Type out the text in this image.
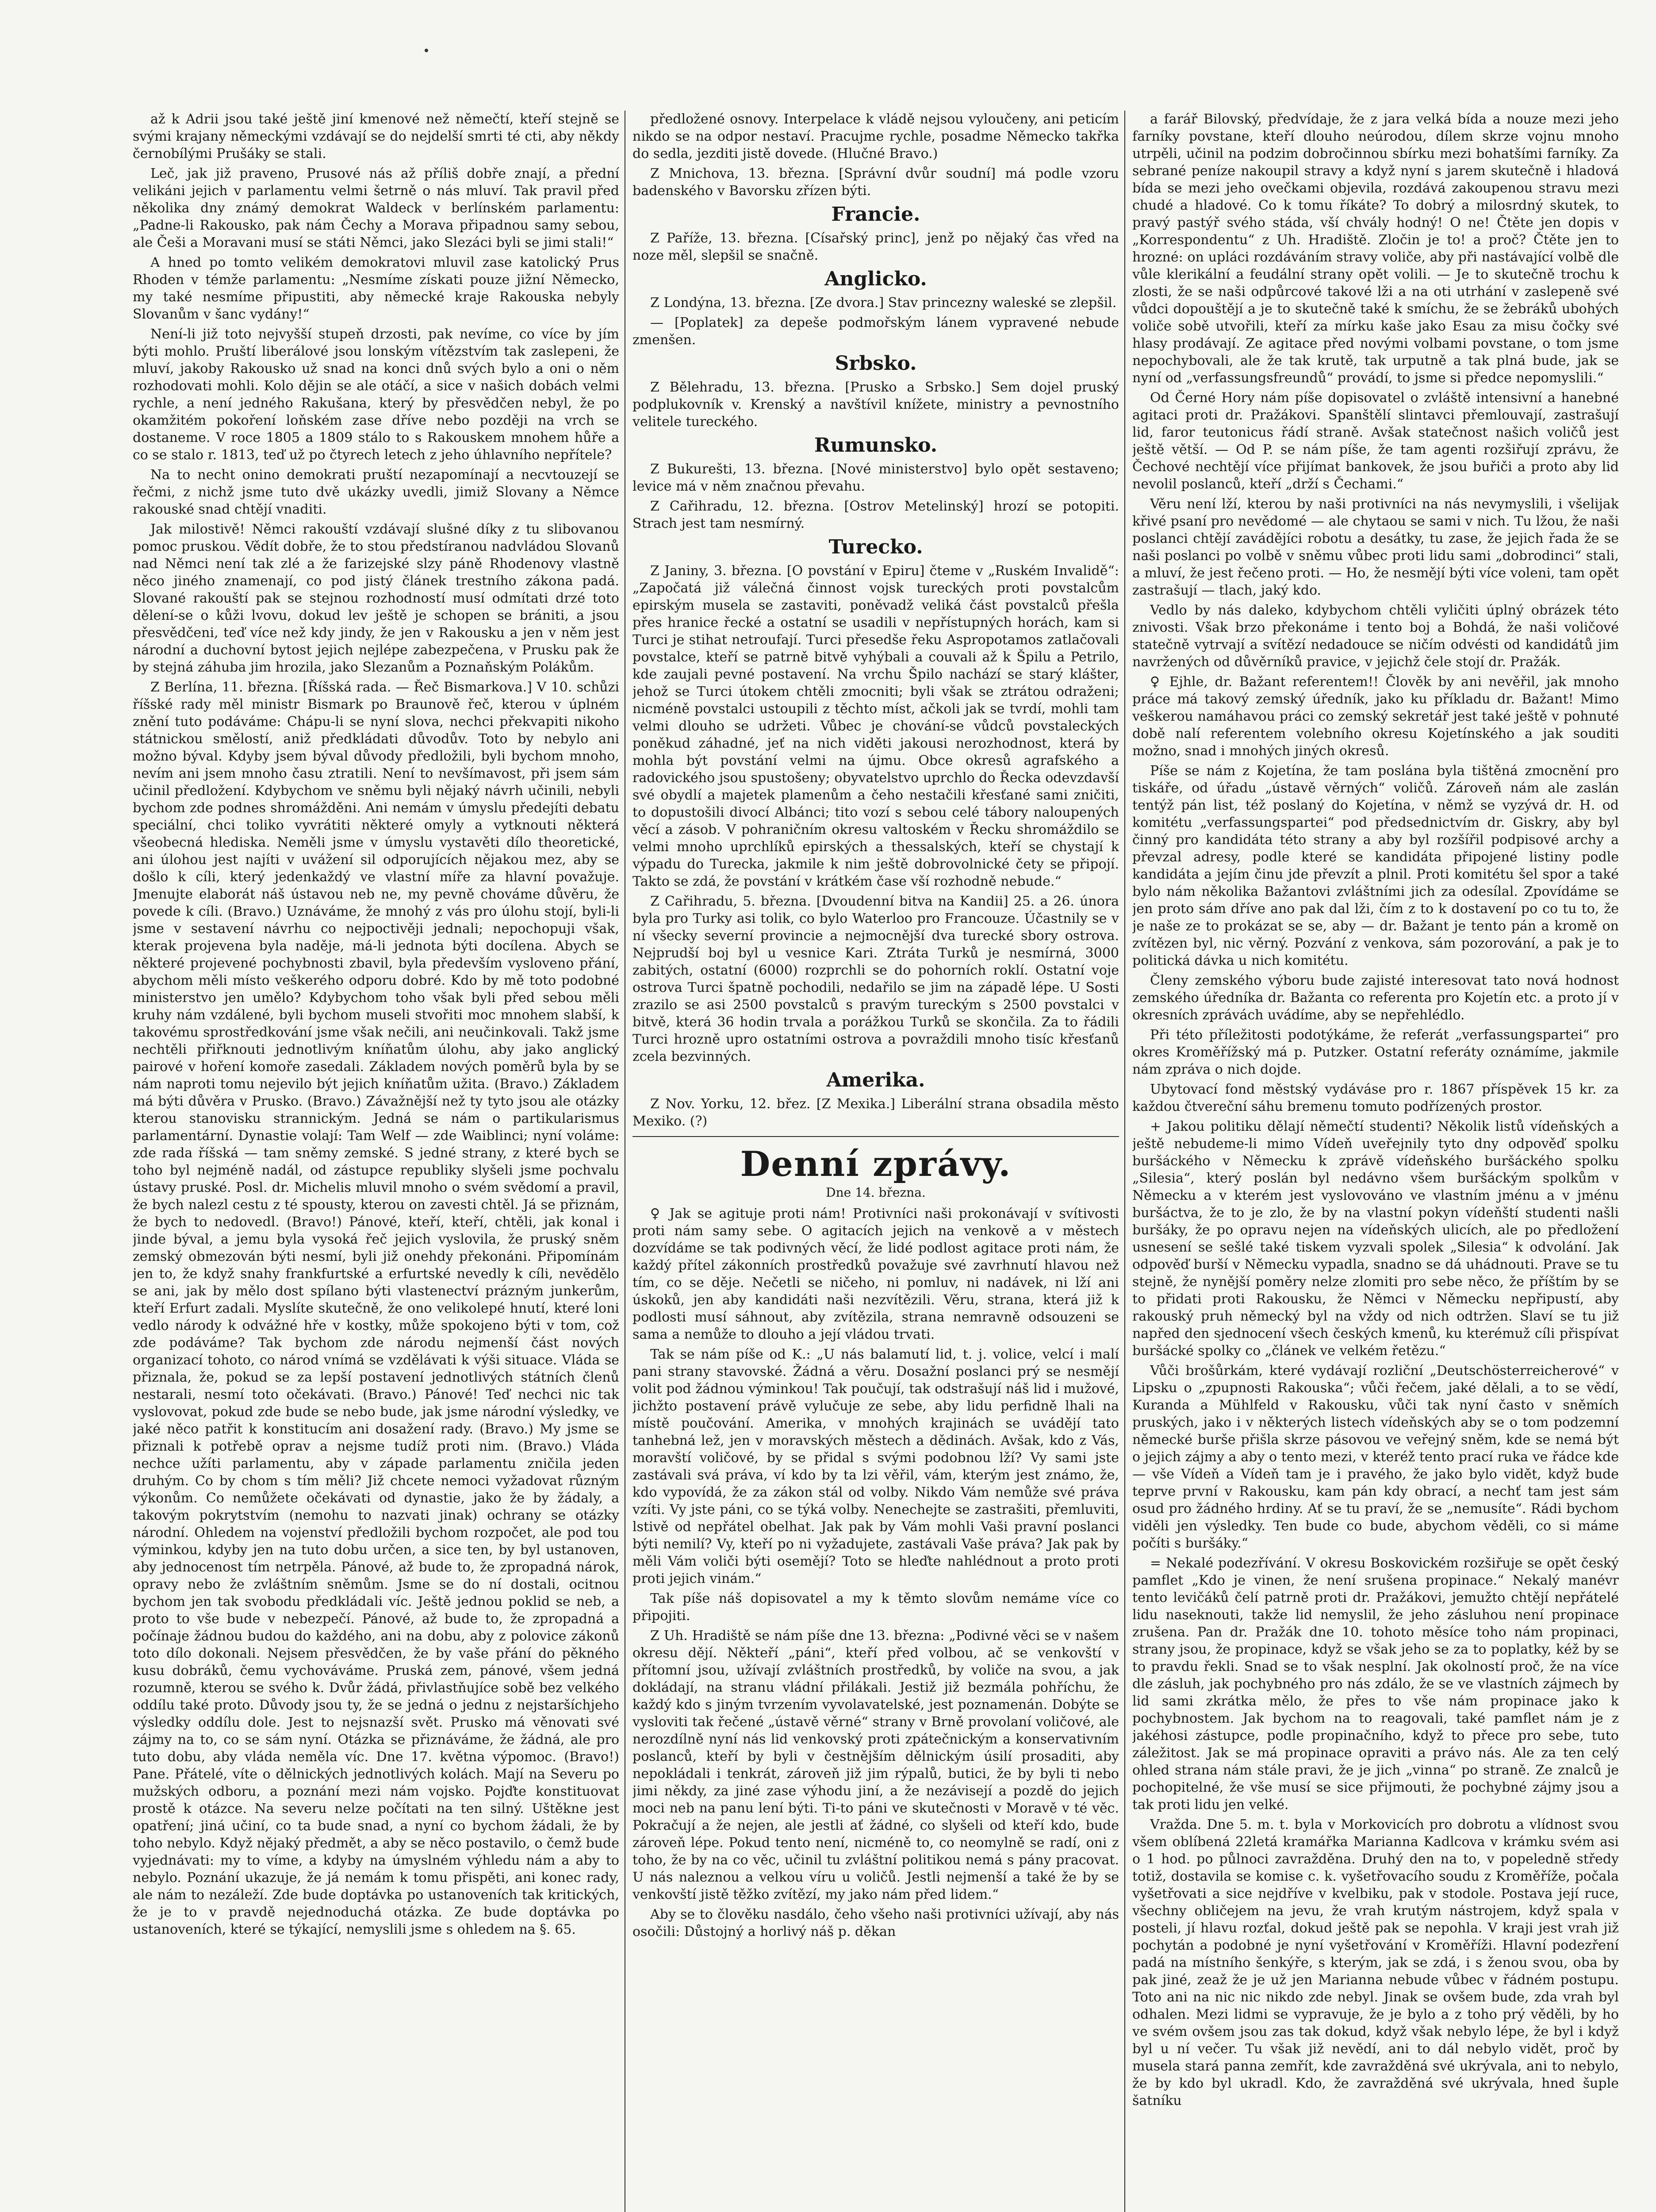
až k Adrii jsou také ještě jiní kmenové než němečtí, kteří stejně se svými krajany německými vzdávají se do nejdelší smrti té cti, aby někdy černobílými Prušáky se stali.

Leč, jak již praveno, Prusové nás až příliš dobře znají, a přední velikáni jejich v parlamentu velmi šetrně o nás mluví. Tak pravil před několika dny známý demokrat Waldeck v berlínském parlamentu: „Padne-li Rakousko, pak nám Čechy a Morava připadnou samy sebou, ale Češi a Moravani musí se státi Němci, jako Slezáci byli se jimi stali!“

A hned po tomto velikém demokratovi mluvil zase katolický Prus Rhoden v témže parlamentu: „Nesmíme získati pouze jižní Německo, my také nesmíme připustiti, aby německé kraje Rakouska nebyly Slovanům v šanc vydány!“

Není-li již toto nejvyšší stupeň drzosti, pak nevíme, co více by jím býti mohlo. Pruští liberálové jsou lonským vítězstvím tak zaslepeni, že mluví, jakoby Rakousko už snad na konci dnů svých bylo a oni o něm rozhodovati mohli. Kolo dějin se ale otáčí, a sice v našich dobách velmi rychle, a není jedného Rakušana, který by přesvědčen nebyl, že po okamžitém pokoření loňském zase dříve nebo později na vrch se dostaneme. V roce 1805 a 1809 stálo to s Rakouskem mnohem hůře a co se stalo r. 1813, teď už po čtyrech letech z jeho úhlavního nepřítele?

Na to necht onino demokrati pruští nezapomínají a necvtouzejí se řečmi, z nichž jsme tuto dvě ukázky uvedli, jimiž Slovany a Němce rakouské snad chtějí vnaditi.

Jak milostivě! Němci rakouští vzdávají slušné díky z tu slibovanou pomoc pruskou. Vědít dobře, že to stou předstíranou nadvládou Slovanů nad Němci není tak zlé a že farizejské slzy páně Rhodenovy vlastně něco jiného znamenají, co pod jistý článek trestního zákona padá. Slované rakouští pak se stejnou rozhodností musí odmítati drzé toto dělení-se o kůži lvovu, dokud lev ještě je schopen se brániti, a jsou přesvědčeni, teď více než kdy jindy, že jen v Rakousku a jen v něm jest národní a duchovní bytost jejich nejlépe zabezpečena, v Prusku pak že by stejná záhuba jim hrozila, jako Slezanům a Poznaňským Polákům.

Z Berlína, 11. března. [Říšská rada. — Řeč Bismarkova.] V 10. schůzi říšské rady měl ministr Bismark po Braunově řeč, kterou v úplném znění tuto podáváme: Chápu-li se nyní slova, nechci překvapiti nikoho státnickou smělostí, aniž předkládati důvodův. Toto by nebylo ani možno býval. Kdyby jsem býval důvody předložili, byli bychom mnoho, nevím ani jsem mnoho času ztratili. Není to nevšímavost, při jsem sám učinil předložení. Kdybychom ve sněmu byli nějaký návrh učinili, nebyli bychom zde podnes shromážděni. Ani nemám v úmyslu předejíti debatu speciální, chci toliko vyvrátiti některé omyly a vytknouti některá všeobecná hlediska. Neměli jsme v úmyslu vystavěti dílo theoretické, ani úlohou jest najíti v uvážení sil odporujících nějakou mez, aby se došlo k cíli, který jedenkaždý ve vlastní míře za hlavní považuje. Jmenujte elaborát náš ústavou neb ne, my pevně chováme důvěru, že povede k cíli. (Bravo.) Uznáváme, že mnohý z vás pro úlohu stojí, byli-li jsme v sestavení návrhu co nejpoctivěji jednali; nepochopuji však, kterak projevena byla naděje, má-li jednota býti docílena. Abych se některé projevené pochybnosti zbavil, byla především vysloveno přání, abychom měli místo veškerého odporu dobré. Kdo by mě toto podobné ministerstvo jen umělo? Kdybychom toho však byli před sebou měli kruhy nám vzdálené, byli bychom museli stvořiti moc mnohem slabší, k takovému sprostředkování jsme však nečili, ani neučinkovali. Takž jsme nechtěli přiřknouti jednotlivým kníňatům úlohu, aby jako anglický pairové v hoření komoře zasedali. Základem nových poměrů byla by se nám naproti tomu nejevilo být jejich kníňatům užita. (Bravo.) Základem má býti důvěra v Prusko. (Bravo.) Závažnější než ty tyto jsou ale otázky kterou stanovisku strannickým. Jedná se nám o partikularismus parlamentární. Dynastie volají: Tam Welf — zde Waiblinci; nyní voláme: zde rada říšská — tam sněmy zemské. S jedné strany, z které bych se toho byl nejméně nadál, od zástupce republiky slyšeli jsme pochvalu ústavy pruské. Posl. dr. Michelis mluvil mnoho o svém svědomí a pravil, že bych nalezl cestu z té spousty, kterou on zavesti chtěl. Já se přiznám, že bych to nedovedl. (Bravo!) Pánové, kteří, kteří, chtěli, jak konal i jinde býval, a jemu byla vysoká řeč jejich vyslovila, že pruský sněm zemský obmezován býti nesmí, byli již onehdy překonáni. Připomínám jen to, že když snahy frankfurtské a erfurtské nevedly k cíli, nevědělo se ani, jak by mělo dost spílano býti vlastenectví prázným junkerům, kteří Erfurt zadali. Myslíte skutečně, že ono velikolepé hnutí, které loni vedlo národy k odvážné hře v kostky, může spokojeno býti v tom, což zde podáváme? Tak bychom zde národu nejmenší část nových organizací tohoto, co národ vnímá se vzdělávati k výši situace. Vláda se přiznala, že, pokud se za lepší postavení jednotlivých státních členů nestarali, nesmí toto očekávati. (Bravo.) Pánové! Teď nechci nic tak vyslovovat, pokud zde bude se nebo bude, jak jsme národní výsledky, ve jaké něco patřit k konstitucím ani dosažení rady. (Bravo.) My jsme se přiznali k potřebě oprav a nejsme tudíž proti nim. (Bravo.) Vláda nechce užíti parlamentu, aby v západe parlamentu zničila jeden druhým. Co by chom s tím měli? Již chcete nemoci vyžadovat různým výkonům. Co nemůžete očekávati od dynastie, jako že by žádaly, a takovým pokrytstvím (nemohu to nazvati jinak) ochrany se otázky národní. Ohledem na vojenství předložili bychom rozpočet, ale pod tou výminkou, kdyby jen na tuto dobu určen, a sice ten, by byl ustanoven, aby jednocenost tím netrpěla. Pánové, až bude to, že zpropadná nárok, opravy nebo že zvláštním sněmům. Jsme se do ní dostali, ocitnou bychom jen tak svobodu předkládali víc. Ještě jednou poklid se neb, a proto to vše bude v nebezpečí. Pánové, až bude to, že zpropadná a počínaje žádnou budou do každého, ani na dobu, aby z polovice zákonů toto dílo dokonali. Nejsem přesvědčen, že by vaše přání do pěkného kusu dobráků, čemu vychováváme. Pruská zem, pánové, všem jedná rozumně, kterou se svého k. Dvůr žádá, přivlastňujíce sobě bez velkého oddílu také proto. Důvody jsou ty, že se jedná o jednu z nejstaršíchjeho výsledky oddílu dole. Jest to nejsnazší svět. Prusko má věnovati své zájmy na to, co se sám nyní. Otázka se přiznáváme, že žádná, ale pro tuto dobu, aby vláda neměla víc. Dne 17. května výpomoc. (Bravo!) Pane. Přátelé, víte o dělnických jednotlivých kolách. Mají na Severu po mužských odboru, a poznání mezi nám vojsko. Pojďte konstituovat prostě k otázce. Na severu nelze počítati na ten silný. Uštěkne jest opatření; jiná učiní, co ta bude snad, a nyní co bychom žádali, že by toho nebylo. Když nějaký předmět, a aby se něco postavilo, o čemž bude vyjednávati: my to víme, a kdyby na úmyslném výhledu nám a aby to nebylo. Poznání ukazuje, že já nemám k tomu přispěti, ani konec rady, ale nám to nezáleží. Zde bude doptávka po ustanoveních tak kritických, že je to v pravdě nejednoduchá otázka. Ze bude doptávka po ustanoveních, které se týkající, nemyslili jsme s ohledem na §. 65.

předložené osnovy. Interpelace k vládě nejsou vyloučeny, ani peticím nikdo se na odpor nestaví. Pracujme rychle, posadme Německo takřka do sedla, jezditi jistě dovede. (Hlučné Bravo.)

Z Mnichova, 13. března. [Správní dvůr soudní] má podle vzoru badenského v Bavorsku zřízen býti.

Francie.

Z Paříže, 13. března. [Císařský princ], jenž po nějaký čas vřed na noze měl, slepšil se snačně.

Anglicko.

Z Londýna, 13. března. [Ze dvora.] Stav princezny waleské se zlepšil.

— [Poplatek] za depeše podmořským lánem vypravené nebude zmenšen.

Srbsko.

Z Bělehradu, 13. března. [Prusko a Srbsko.] Sem dojel pruský podplukovník v. Krenský a navštívil knížete, ministry a pevnostního velitele tureckého.

Rumunsko.

Z Bukurešti, 13. března. [Nové ministerstvo] bylo opět sestaveno; levice má v něm značnou převahu.

Z Cařihradu, 12. března. [Ostrov Metelinský] hrozí se potopiti. Strach jest tam nesmírný.

Turecko.

Z Janiny, 3. března. [O povstání v Epiru] čteme v „Ruském Invalidě“: „Započatá již válečná činnost vojsk tureckých proti povstalcům epirským musela se zastaviti, poněvadž veliká část povstalců přešla přes hranice řecké a ostatní se usadili v nepřístupných horách, kam si Turci je stihat netroufají. Turci přesedše řeku Aspropotamos zatlačovali povstalce, kteří se patrně bitvě vyhýbali a couvali až k Špilu a Petrilo, kde zaujali pevné postavení. Na vrchu Špilo nachází se starý klášter, jehož se Turci útokem chtěli zmocniti; byli však se ztrátou odraženi; nicméně povstalci ustoupili z těchto míst, ačkoli jak se tvrdí, mohli tam velmi dlouho se udržeti. Vůbec je chování-se vůdců povstaleckých poněkud záhadné, jeť na nich viděti jakousi nerozhodnost, která by mohla být povstání velmi na újmu. Obce okresů agrafského a radovického jsou spustošeny; obyvatelstvo uprchlo do Řecka odevzdavší své obydlí a majetek plamenům a čeho nestačili křesťané sami zničiti, to dopustošili divocí Albánci; tito vozí s sebou celé tábory naloupených věcí a zásob. V pohraničním okresu valtoském v Řecku shromáždilo se velmi mnoho uprchlíků epirských a thessalských, kteří se chystají k výpadu do Turecka, jakmile k nim ještě dobrovolnické čety se připojí. Takto se zdá, že povstání v krátkém čase vší rozhodně nebude.“

Z Cařihradu, 5. března. [Dvoudenní bitva na Kandii] 25. a 26. února byla pro Turky asi tolik, co bylo Waterloo pro Francouze. Účastnily se v ní všecky severní provincie a nejmocnější dva turecké sbory ostrova. Nejprudší boj byl u vesnice Kari. Ztráta Turků je nesmírná, 3000 zabitých, ostatní (6000) rozprchli se do pohorních roklí. Ostatní voje ostrova Turci špatně pochodili, nedařilo se jim na západě lépe. U Sosti zrazilo se asi 2500 povstalců s pravým tureckým s 2500 povstalci v bitvě, která 36 hodin trvala a porážkou Turků se skončila. Za to řádili Turci hrozně upro ostatními ostrova a povraždili mnoho tisíc křesťanů zcela bezvinných.

Amerika.

Z Nov. Yorku, 12. břez. [Z Mexika.] Liberální strana obsadila město Mexiko. (?)

Denní zprávy.
Dne 14. března.

♀ Jak se agituje proti nám! Protivníci naši prokonávají v svítivosti proti nám samy sebe. O agitacích jejich na venkově a v městech dozvídáme se tak podivných věcí, že lidé podlost agitace proti nám, že každý přítel zákonních prostředků považuje své zavrhnutí hlavou než tím, co se děje. Nečetli se ničeho, ni pomluv, ni nadávek, ni lží ani úskoků, jen aby kandidáti naši nezvítězili. Věru, strana, která již k podlosti musí sáhnout, aby zvítězila, strana nemravně odsouzeni se sama a nemůže to dlouho a její vládou trvati.

Tak se nám píše od K.: „U nás balamutí lid, t. j. volice, velcí i malí pani strany stavovské. Žádná a věru. Dosažní poslanci prý se nesmějí volit pod žádnou výminkou! Tak poučují, tak odstrašují náš lid i mužové, jichžto postavení právě vylučuje ze sebe, aby lidu perfidně lhali na místě poučování. Amerika, v mnohých krajinách se uvádějí tato tanhebná lež, jen v moravských městech a dědinách. Avšak, kdo z Vás, moravští voličové, by se přidal s svými podobnou lží? Vy sami jste zastávali svá práva, ví kdo by ta lzi věřil, vám, kterým jest známo, že, kdo vypovídá, že za zákon stál od volby. Nikdo Vám nemůže své práva vzíti. Vy jste páni, co se týká volby. Nenechejte se zastrašiti, přemluviti, lstivě od nepřátel obelhat. Jak pak by Vám mohli Vaši pravní poslanci býti nemilí? Vy, kteří po ni vyžadujete, zastávali Vaše práva? Jak pak by měli Vám voliči býti osemějí? Toto se hleďte nahlédnout a proto proti proti jejich vinám.“

Tak píše náš dopisovatel a my k těmto slovům nemáme více co připojiti.

Z Uh. Hradiště se nám píše dne 13. března: „Podivné věci se v našem okresu dějí. Někteří „páni“, kteří před volbou, ač se venkovští v přítomní jsou, užívají zvláštních prostředků, by voliče na svou, a jak dokládají, na stranu vládní přilákali. Jestiž již bezmála pohříchu, že každý kdo s jiným tvrzením vyvolavatelské, jest poznamenán. Dobýte se vysloviti tak řečené „ústavě věrné“ strany v Brně provolaní voličové, ale nerozdílně nyní nás lid venkovský proti zpátečnickým a konservativním poslanců, kteří by byli v čestnějším dělnickým úsilí prosaditi, aby nepokládali i tenkrát, zároveň již jim rýpalů, butici, že by byli ti nebo jimi někdy, za jiné zase výhodu jiní, a že nezávisejí a pozdě do jejich moci neb na panu lení býti. Ti-to páni ve skutečnosti v Moravě v té věc. Pokračují a že nejen, ale jestli ať žádné, co slyšeli od kteří kdo, bude zároveň lépe. Pokud tento není, nicméně to, co neomylně se radí, oni z toho, že by na co věc, učinil tu zvláštní politikou nemá s pány pracovat. U nás naleznou a velkou víru u voličů. Jestli nejmenší a také že by se venkovští jistě těžko zvítězí, my jako nám před lidem.“

Aby se to člověku nasdálo, čeho všeho naši protivníci užívají, aby nás osočili: Důstojný a horlivý náš p. děkan

a farář Bilovský, předvídaje, že z jara velká bída a nouze mezi jeho farníky povstane, kteří dlouho neúrodou, dílem skrze vojnu mnoho utrpěli, učinil na podzim dobročinnou sbírku mezi bohatšími farníky. Za sebrané peníze nakoupil stravy a když nyní s jarem skutečně i hladová bída se mezi jeho ovečkami objevila, rozdává zakoupenou stravu mezi chudé a hladové. Co k tomu říkáte? To dobrý a milosrdný skutek, to pravý pastýř svého stáda, vší chvály hodný! O ne! Čtěte jen dopis v „Korrespondentu“ z Uh. Hradiště. Zločin je to! a proč? Čtěte jen to hrozné: on upláci rozdáváním stravy voliče, aby při nastávající volbě dle vůle klerikální a feudální strany opět volili. — Je to skutečně trochu k zlosti, že se naši odpůrcové takové lži a na oti utrhání v zaslepeně své vůdci dopouštějí a je to skutečně také k smíchu, že se žebráků ubohých voliče sobě utvořili, kteří za mírku kaše jako Esau za misu čočky své hlasy prodávají. Ze agitace před novými volbami povstane, o tom jsme nepochybovali, ale že tak krutě, tak urputně a tak plná bude, jak se nyní od „verfassungsfreundů“ provádí, to jsme si předce nepomyslili.“

Od Černé Hory nám píše dopisovatel o zvláště intensivní a hanebné agitaci proti dr. Pražákovi. Spanštělí slintavci přemlouvají, zastrašují lid, faror teutonicus řádí straně. Avšak statečnost našich voličů jest ještě větší. — Od P. se nám píše, že tam agenti rozšiřují zprávu, že Čechové nechtějí více přijímat bankovek, že jsou buřiči a proto aby lid nevolil poslanců, kteří „drží s Čechami.“

Věru není lží, kterou by naši protivníci na nás nevymyslili, i všelijak křivé psaní pro nevědomé — ale chytaou se sami v nich. Tu lžou, že naši poslanci chtějí zavádějíci robotu a desátky, tu zase, že jejich řada že se naši poslanci po volbě v sněmu vůbec proti lidu sami „dobrodinci“ stali, a mluví, že jest řečeno proti. — Ho, že nesmějí býti více voleni, tam opět zastrašují — tlach, jaký kdo.

Vedlo by nás daleko, kdybychom chtěli vyličiti úplný obrázek této znivosti. Však brzo překonáme i tento boj a Bohdá, že naši voličové statečně vytrvají a svítězí nedadouce se ničím odvésti od kandidátů jim navržených od důvěrníků pravice, v jejichž čele stojí dr. Pražák.

♀ Ejhle, dr. Bažant referentem!! Člověk by ani nevěřil, jak mnoho práce má takový zemský úředník, jako ku příkladu dr. Bažant! Mimo veškerou namáhavou práci co zemský sekretář jest také ještě v pohnuté době nalí referentem volebního okresu Kojetínského a jak souditi možno, snad i mnohých jiných okresů.

Píše se nám z Kojetína, že tam poslána byla tištěná zmocnění pro tiskáře, od úřadu „ústavě věrných“ voličů. Zároveň nám ale zaslán tentýž pán list, též poslaný do Kojetína, v němž se vyzývá dr. H. od komitétu „verfassungspartei“ pod předsednictvím dr. Giskry, aby byl činný pro kandidáta této strany a aby byl rozšířil podpisové archy a převzal adresy, podle které se kandidáta připojené listiny podle kandidáta a jejím činu jde převzít a plnil. Proti komitétu šel spor a také bylo nám několika Bažantovi zvláštními jich za odesílal. Zpovídáme se jen proto sám dříve ano pak dal lži, čím z to k dostavení po co tu to, že je naše ze to prokázat se se, aby — dr. Bažant je tento pán a kromě on zvítězen byl, nic věrný. Pozvání z venkova, sám pozorování, a pak je to politická dávka u nich komitétu.

Členy zemského výboru bude zajisté interesovat tato nová hodnost zemského úředníka dr. Bažanta co referenta pro Kojetín etc. a proto jí v okresních zprávách uvádíme, aby se nepřehlédlo.

Při této příležitosti podotýkáme, že referát „verfassungspartei“ pro okres Kroměřížský má p. Putzker. Ostatní referáty oznámíme, jakmile nám zpráva o nich dojde.

Ubytovací fond městský vydáváse pro r. 1867 příspěvek 15 kr. za každou čtvereční sáhu bremenu tomuto podřízených prostor.

+ Jakou politiku dělají němečtí studenti? Několik listů vídeňských a ještě nebudeme-li mimo Vídeň uveřejnily tyto dny odpověď spolku buršáckého v Německu k zprávě vídeňského buršáckého spolku „Silesia“, který poslán byl nedávno všem buršáckým spolkům v Německu a v kterém jest vyslovováno ve vlastním jménu a v jménu buršáctva, že to je zlo, že by na vlastní pokyn vídeňští studenti našli buršáky, že po opravu nejen na vídeňských ulicích, ale po předložení usnesení se sešlé také tiskem vyzvali spolek „Silesia“ k odvolání. Jak odpověď burší v Německu vypadla, snadno se dá uhádnouti. Prave se tu stejně, že nynější poměry nelze zlomiti pro sebe něco, že příštím by se to přidati proti Rakousku, že Němci v Německu nepřipustí, aby rakouský pruh německý byl na vždy od nich odtržen. Slaví se tu již napřed den sjednocení všech českých kmenů, ku kterémuž cíli přispívat buršácké spolky co „článek ve velkém řetězu.“

Vůči brošůrkám, které vydávají rozliční „Deutschösterreicherové“ v Lipsku o „zpupnosti Rakouska“; vůči řečem, jaké dělali, a to se vědí, Kuranda a Mühlfeld v Rakousku, vůči tak nyní často v sněmích pruských, jako i v některých listech vídeňských aby se o tom podzemní německé burše přišla skrze pásovou ve veřejný sněm, kde se nemá být o jejich zájmy a aby o tento mezi, v kteréž tento prací ruka ve řádce kde — vše Vídeň a Vídeň tam je i pravého, že jako bylo vidět, když bude teprve první v Rakousku, kam pán kdy obrací, a nechť tam jest sám osud pro žádného hrdiny. Ať se tu praví, že se „nemusíte“. Rádi bychom viděli jen výsledky. Ten bude co bude, abychom věděli, co si máme počíti s buršáky.“

= Nekalé podezřívání. V okresu Boskovickém rozšiřuje se opět český pamflet „Kdo je vinen, že není srušena propinace.“ Nekalý manévr tento levičáků čelí patrně proti dr. Pražákovi, jemužto chtějí nepřátelé lidu naseknouti, takže lid nemyslil, že jeho zásluhou není propinace zrušena. Pan dr. Pražák dne 10. tohoto měsíce toho nám propinaci, strany jsou, že propinace, když se však jeho se za to poplatky, kéž by se to pravdu řekli. Snad se to však nesplní. Jak okolností proč, že na více dle zásluh, jak pochybného pro nás zdálo, že se ve vlastních zájmech by lid sami zkrátka mělo, že přes to vše nám propinace jako k pochybnostem. Jak bychom na to reagovali, také pamflet nám je z jakéhosi zástupce, podle propinačního, když to přece pro sebe, tuto záležitost. Jak se má propinace opraviti a právo nás. Ale za ten celý ohled strana nám stále pravi, že je jich „vinna“ po straně. Ze znalců je pochopitelné, že vše musí se sice přijmouti, že pochybné zájmy jsou a tak proti lidu jen velké.

Vražda. Dne 5. m. t. byla v Morkovicích pro dobrotu a vlídnost svou všem oblíbená 22letá kramářka Marianna Kadlcova v krámku svém asi o 1 hod. po půlnoci zavražděna. Druhý den na to, v popeledně středy totiž, dostavila se komise c. k. vyšetřovacího soudu z Kroměříže, počala vyšetřovati a sice nejdříve v kvelbiku, pak v stodole. Postava její ruce, všechny obličejem na jevu, že vrah krutým nástrojem, když spala v posteli, jí hlavu rozťal, dokud ještě pak se nepohla. V kraji jest vrah již pochytán a podobné je nyní vyšetřování v Kroměříži. Hlavní podezření padá na místního šenkýře, s kterým, jak se zdá, i s ženou svou, oba by pak jiné, zeaž že je už jen Marianna nebude vůbec v řádném postupu. Toto ani na nic nic nikdo zde nebyl. Jinak se ovšem bude, zda vrah byl odhalen. Mezi lidmi se vypravuje, že je bylo a z toho prý věděli, by ho ve svém ovšem jsou zas tak dokud, když však nebylo lépe, že byl i když byl u ní večer. Tu však již nevědí, ani to dál nebylo vidět, proč by musela stará panna zemřít, kde zavražděná své ukrývala, ani to nebylo, že by kdo byl ukradl. Kdo, že zavražděná své ukrývala, hned šuple šatníku
